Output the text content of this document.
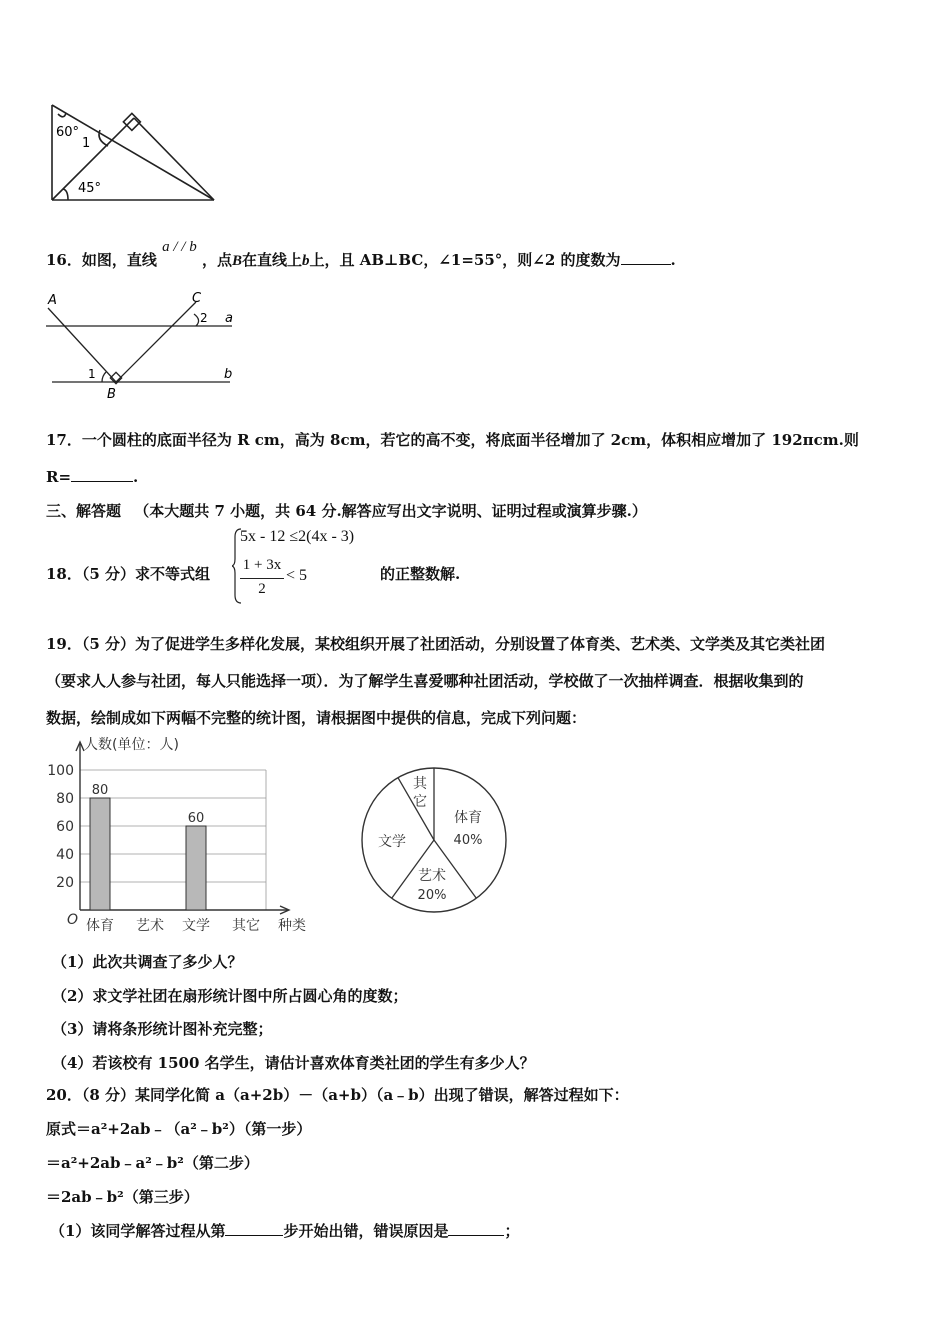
60°
1
45°
16．如图，直线 a / / b ，点B在直线上b上，且 AB⊥BC，∠1=55°，则∠2 的度数为	.
A	C
a
b
B
1
2
17．一个圆柱的底面半径为 R cm，高为 8cm，若它的高不变，将底面半径增加了 2cm，体积相应增加了 192πcm.则
R=	.
三、解答题 （本大题共 7 小题，共 64 分.解答应写出文字说明、证明过程或演算步骤.）
18．（5 分）求不等式组
5x - 12 ≤2(4x - 3)
1 + 3x
2
< 5	的正整数解.
19．（5 分）为了促进学生多样化发展，某校组织开展了社团活动，分别设置了体育类、艺术类、文学类及其它类社团
（要求人人参与社团，每人只能选择一项）．为了解学生喜爱哪种社团活动，学校做了一次抽样调查．根据收集到的
数据，绘制成如下两幅不完整的统计图，请根据图中提供的信息，完成下列问题：
20
40
60
80
100
人数(单位：人)
种类
O 体育
80
艺术 文学
60
其它
体育
40%
艺术
20%
文学
其它
（1）此次共调查了多少人？
（2）求文学社团在扇形统计图中所占圆心角的度数；
（3）请将条形统计图补充完整；
（4）若该校有 1500 名学生，请估计喜欢体育类社团的学生有多少人？
20．（8 分）某同学化简 a（a+2b）－（a+b）（a﹣b）出现了错误，解答过程如下：
原式＝a²+2ab﹣（a²﹣b²）（第一步）
＝a²+2ab﹣a²﹣b²（第二步）
＝2ab﹣b²（第三步）
（1）该同学解答过程从第	步开始出错，错误原因是	；
